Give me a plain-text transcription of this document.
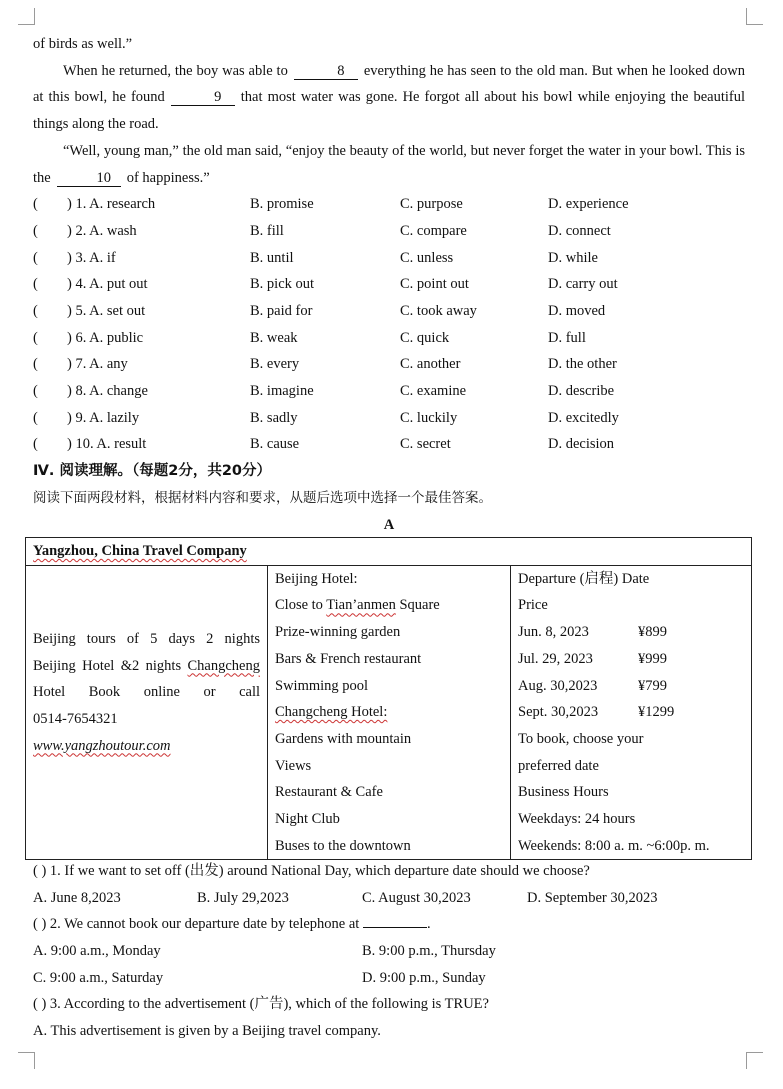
of birds as well.”

When he returned, the boy was able to	8 everything he has seen to the old man. But when he looked down at this bowl, he found	9 that most water was gone. He forgot all about his bowl while enjoying the beautiful things along the road.

“Well, young man,” the old man said, “enjoy the beauty of the world, but never forget the water in your bowl. This is the	10 of happiness.”

( ) 1. A. research	B. promise	C. purpose	D. experience
( ) 2. A. wash	B. fill	C. compare	D. connect
( ) 3. A. if	B. until	C. unless	D. while
( ) 4. A. put out	B. pick out	C. point out	D. carry out
( ) 5. A. set out	B. paid for	C. took away	D. moved
( ) 6. A. public	B. weak	C. quick	D. full
( ) 7. A. any	B. every	C. another	D. the other
( ) 8. A. change	B. imagine	C. examine	D. describe
( ) 9. A. lazily	B. sadly	C. luckily	D. excitedly
( ) 10. A. result	B. cause	C. secret	D. decision
Ⅳ. 阅读理解。（每题2分，共20分）
阅读下面两段材料，根据材料内容和要求，从题后选项中选择一个最佳答案。
A
Yangzhou, China Travel Company

Beijing tours of 5 days 2 nights
Beijing Hotel &2 nights Changcheng
Hotel Book online or call
0514-7654321
www.yangzhoutour.com

Beijing Hotel:
Close to Tian’anmen Square
Prize-winning garden
Bars & French restaurant
Swimming pool
Changcheng Hotel:
Gardens with mountain
Views
Restaurant & Cafe
Night Club
Buses to the downtown

Departure (启程) Date
Price
Jun. 8, 2023	¥899
Jul. 29, 2023	¥999
Aug. 30,2023	¥799
Sept. 30,2023	¥1299
To book, choose your
preferred date
Business Hours
Weekdays: 24 hours
Weekends: 8:00 a. m. ~6:00p. m.

( ) 1. If we want to set off (出发) around National Day, which departure date should we choose?

A. June 8,2023	B. July 29,2023	C. August 30,2023	D. September 30,2023

( ) 2. We cannot book our departure date by telephone at	.

A. 9:00 a.m., Monday	B. 9:00 p.m., Thursday
C. 9:00 a.m., Saturday	D. 9:00 p.m., Sunday

( ) 3. According to the advertisement (广告), which of the following is TRUE?

A. This advertisement is given by a Beijing travel company.
